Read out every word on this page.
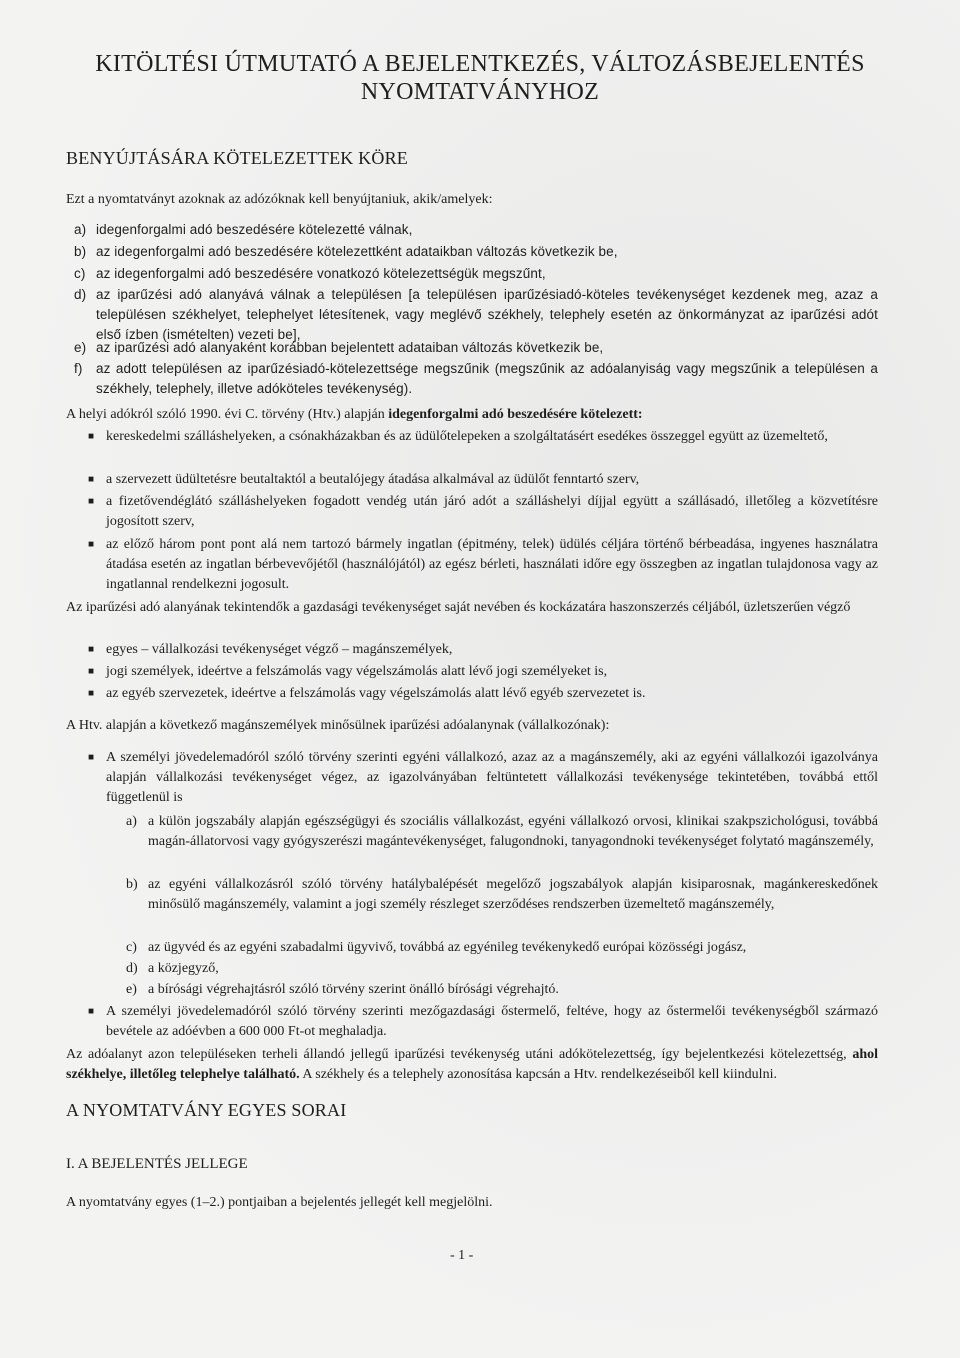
KITÖLTÉSI ÚTMUTATÓ A BEJELENTKEZÉS, VÁLTOZÁSBEJELENTÉS
NYOMTATVÁNYHOZ
BENYÚJTÁSÁRA KÖTELEZETTEK KÖRE
Ezt a nyomtatványt azoknak az adózóknak kell benyújtaniuk, akik/amelyek:
a) idegenforgalmi adó beszedésére kötelezetté válnak,
b) az idegenforgalmi adó beszedésére kötelezettként adataikban változás következik be,
c) az idegenforgalmi adó beszedésére vonatkozó kötelezettségük megszűnt,
d) az iparűzési adó alanyává válnak a településen [a településen iparűzésiadó-köteles tevékenységet kezdenek meg, azaz a településen székhelyet, telephelyet létesítenek, vagy meglévő székhely, telephely esetén az önkormányzat az iparűzési adót első ízben (ismételten) vezeti be],
e) az iparűzési adó alanyaként korábban bejelentett adataiban változás következik be,
f) az adott településen az iparűzésiadó-kötelezettsége megszűnik (megszűnik az adóalanyiság vagy megszűnik a településen a székhely, telephely, illetve adóköteles tevékenység).
A helyi adókról szóló 1990. évi C. törvény (Htv.) alapján idegenforgalmi adó beszedésére kötelezett:
■ kereskedelmi szálláshelyeken, a csónakházakban és az üdülőtelepeken a szolgáltatásért esedékes összeggel együtt az üzemeltető,
■ a szervezett üdültetésre beutaltaktól a beutalójegy átadása alkalmával az üdülőt fenntartó szerv,
■ a fizetővendéglátó szálláshelyeken fogadott vendég után járó adót a szálláshelyi díjjal együtt a szállásadó, illetőleg a közvetítésre jogosított szerv,
■ az előző három pont pont alá nem tartozó bármely ingatlan (épitmény, telek) üdülés céljára történő bérbeadása, ingyenes használatra átadása esetén az ingatlan bérbevevőjétől (használójától) az egész bérleti, használati időre egy összegben az ingatlan tulajdonosa vagy az ingatlannal rendelkezni jogosult.
Az iparűzési adó alanyának tekintendők a gazdasági tevékenységet saját nevében és kockázatára haszonszerzés céljából, üzletszerűen végző
■ egyes – vállalkozási tevékenységet végző – magánszemélyek,
■ jogi személyek, ideértve a felszámolás vagy végelszámolás alatt lévő jogi személyeket is,
■ az egyéb szervezetek, ideértve a felszámolás vagy végelszámolás alatt lévő egyéb szervezetet is.
A Htv. alapján a következő magánszemélyek minősülnek iparűzési adóalanynak (vállalkozónak):
■ A személyi jövedelemadóról szóló törvény szerinti egyéni vállalkozó, azaz az a magánszemély, aki az egyéni vállalkozói igazolványa alapján vállalkozási tevékenységet végez, az igazolványában feltüntetett vállalkozási tevékenysége tekintetében, továbbá ettől függetlenül is
a) a külön jogszabály alapján egészségügyi és szociális vállalkozást, egyéni vállalkozó orvosi, klinikai szakpszichológusi, továbbá magán-állatorvosi vagy gyógyszerészi magántevékenységet, falugondnoki, tanyagondnoki tevékenységet folytató magánszemély,
b) az egyéni vállalkozásról szóló törvény hatálybalépését megelőző jogszabályok alapján kisiparosnak, magánkereskedőnek minősülő magánszemély, valamint a jogi személy részleget szerződéses rendszerben üzemeltető magánszemély,
c) az ügyvéd és az egyéni szabadalmi ügyvivő, továbbá az egyénileg tevékenykedő európai közösségi jogász,
d) a közjegyző,
e) a bírósági végrehajtásról szóló törvény szerint önálló bírósági végrehajtó.
■ A személyi jövedelemadóról szóló törvény szerinti mezőgazdasági őstermelő, feltéve, hogy az őstermelői tevékenységből származó bevétele az adóévben a 600 000 Ft-ot meghaladja.
Az adóalanyt azon településeken terheli állandó jellegű iparűzési tevékenység utáni adókötelezettség, így bejelentkezési kötelezettség, ahol székhelye, illetőleg telephelye található. A székhely és a telephely azonosítása kapcsán a Htv. rendelkezéseiből kell kiindulni.
A NYOMTATVÁNY EGYES SORAI
I. A BEJELENTÉS JELLEGE
A nyomtatvány egyes (1–2.) pontjaiban a bejelentés jellegét kell megjelölni.
- 1 -
